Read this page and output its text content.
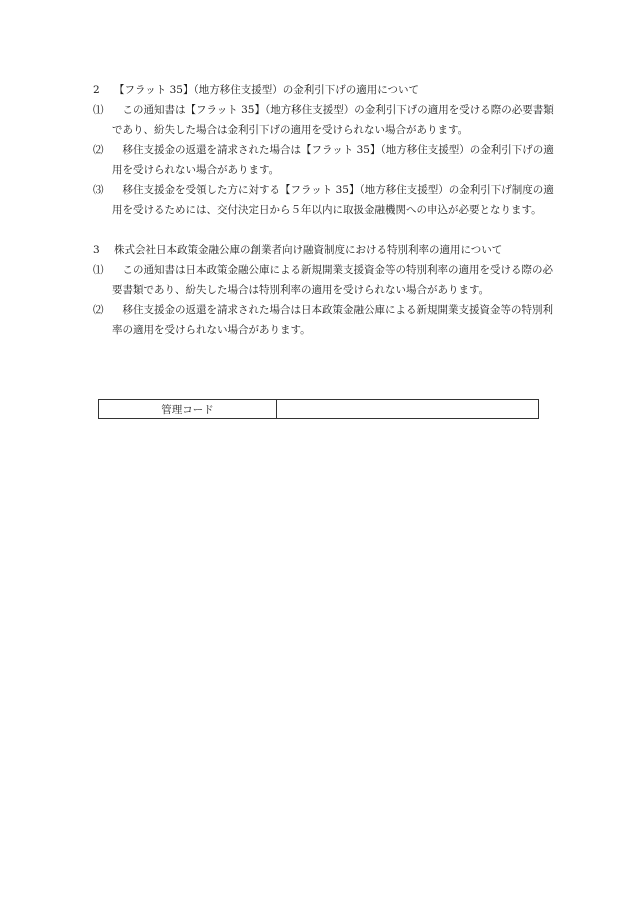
2	【フラット 35】（地方移住支援型）の金利引下げの適用について
⑴	この通知書は【フラット 35】（地方移住支援型）の金利引下げの適用を受ける際の必要書類であり、紛失した場合は金利引下げの適用を受けられない場合があります。
⑵	移住支援金の返還を請求された場合は【フラット 35】（地方移住支援型）の金利引下げの適用を受けられない場合があります。
⑶	移住支援金を受領した方に対する【フラット 35】（地方移住支援型）の金利引下げ制度の適用を受けるためには、交付決定日から５年以内に取扱金融機関への申込が必要となります。
3	株式会社日本政策金融公庫の創業者向け融資制度における特別利率の適用について
⑴	この通知書は日本政策金融公庫による新規開業支援資金等の特別利率の適用を受ける際の必要書類であり、紛失した場合は特別利率の適用を受けられない場合があります。
⑵	移住支援金の返還を請求された場合は日本政策金融公庫による新規開業支援資金等の特別利率の適用を受けられない場合があります。
管理コード	
